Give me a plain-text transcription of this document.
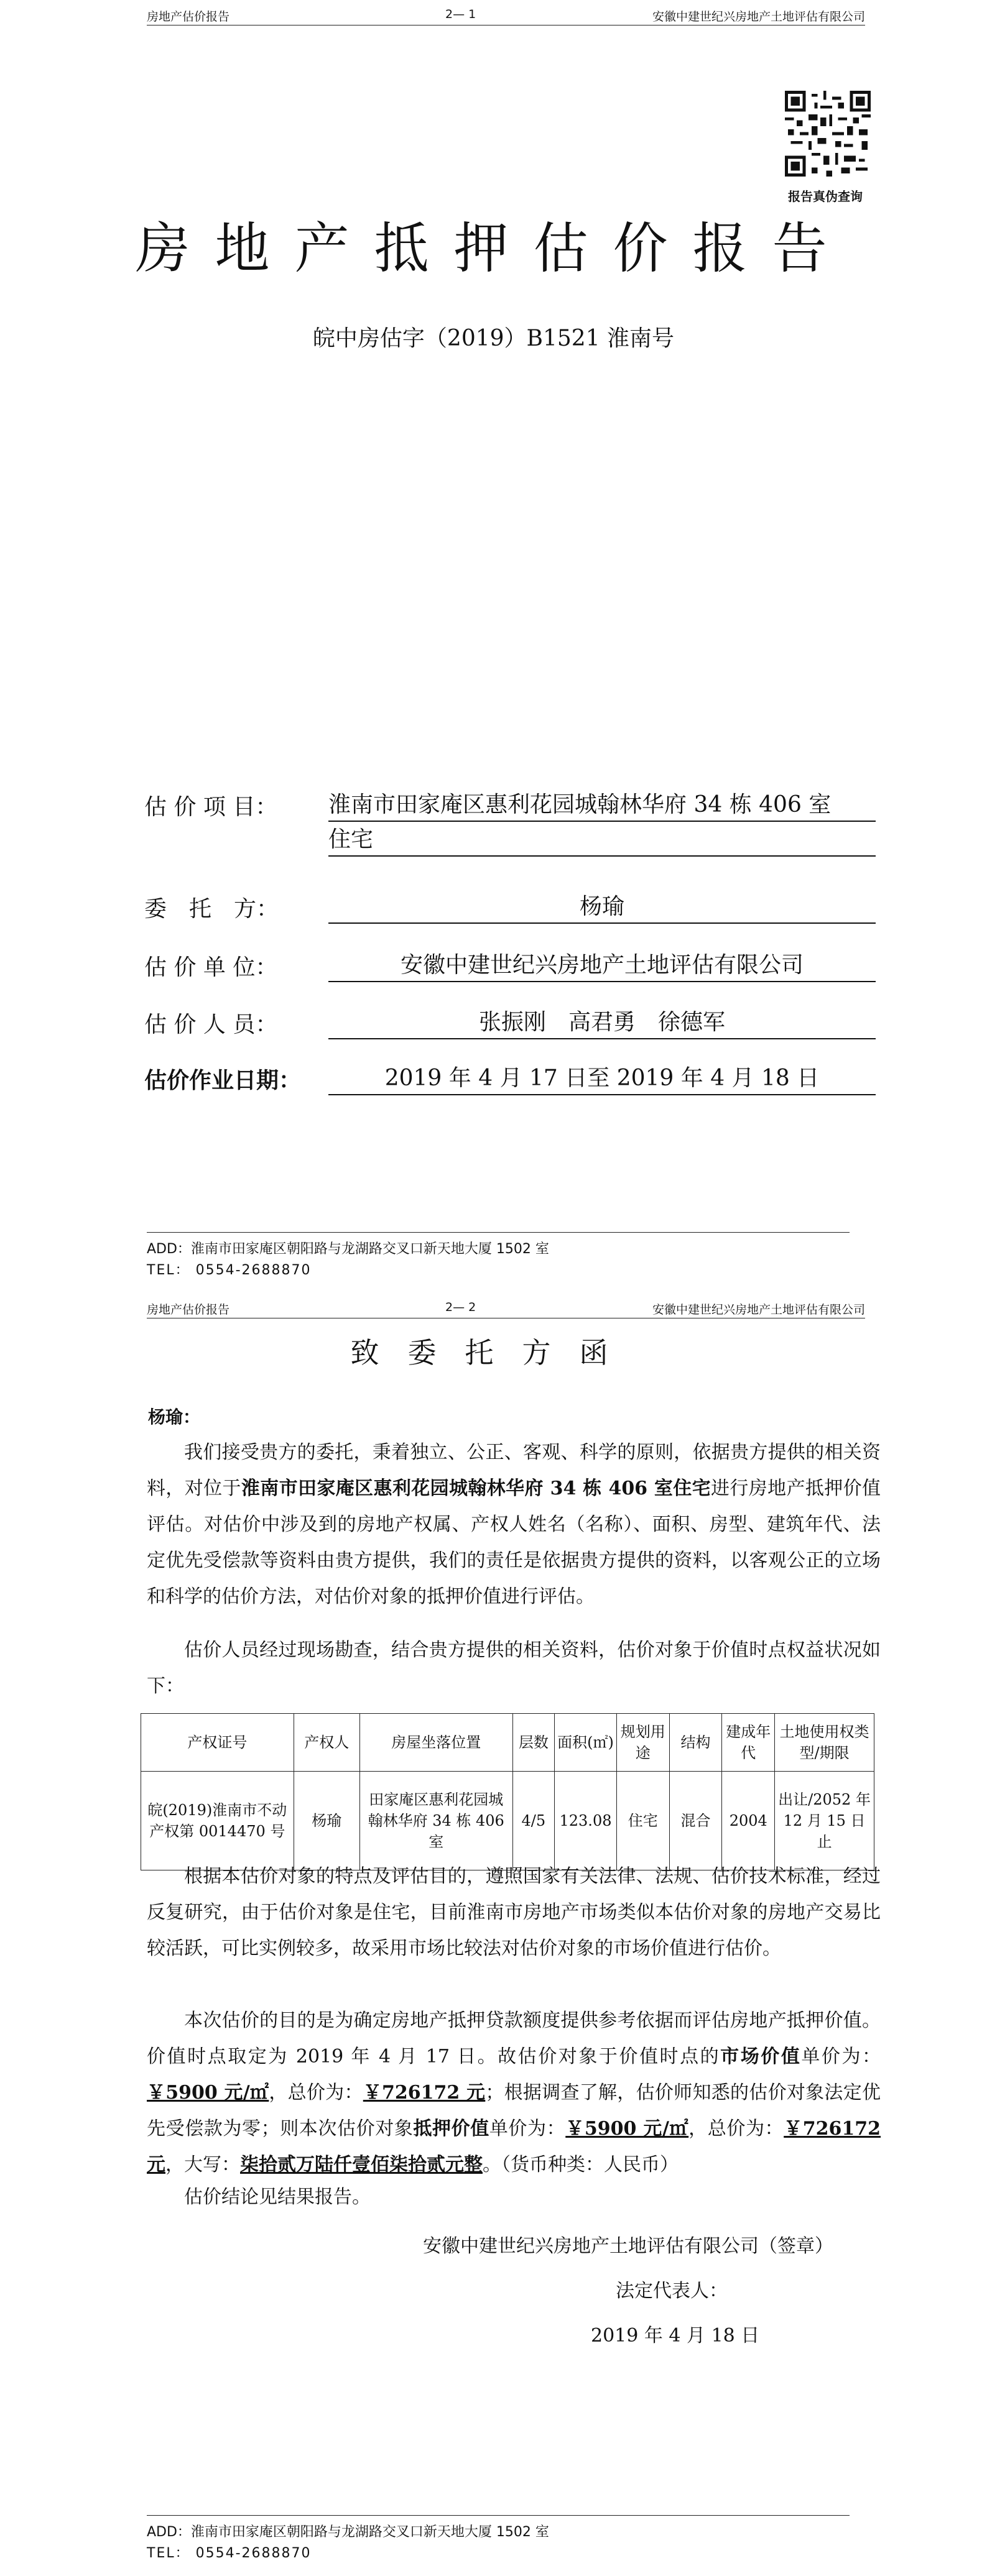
房地产估价报告	2— 1	安徽中建世纪兴房地产土地评估有限公司
报告真伪查询
房地产抵押估价报告
皖中房估字（2019）B1521 淮南号
估 价 项 目： 淮南市田家庵区惠利花园城翰林华府 34 栋 406 室
住宅
委　托　方：	杨瑜
估 价 单 位：	安徽中建世纪兴房地产土地评估有限公司
估 价 人 员：	张振刚　高君勇　徐德军
估价作业日期：	2019 年 4 月 17 日至 2019 年 4 月 18 日
ADD：淮南市田家庵区朝阳路与龙湖路交叉口新天地大厦 1502 室
TEL： 0554-2688870
房地产估价报告	2— 2	安徽中建世纪兴房地产土地评估有限公司
致委托方函
杨瑜：
我们接受贵方的委托，秉着独立、公正、客观、科学的原则，依据贵方提供的相关资料，对位于淮南市田家庵区惠利花园城翰林华府 34 栋 406 室住宅进行房地产抵押价值评估。对估价中涉及到的房地产权属、产权人姓名（名称）、面积、房型、建筑年代、法定优先受偿款等资料由贵方提供，我们的责任是依据贵方提供的资料，以客观公正的立场和科学的估价方法，对估价对象的抵押价值进行评估。
估价人员经过现场勘查，结合贵方提供的相关资料，估价对象于价值时点权益状况如下：
产权证号	产权人	房屋坐落位置	层数	面积(㎡)	规划用途	结构	建成年代	土地使用权类型/期限
皖(2019)淮南市不动产权第 0014470 号	杨瑜	田家庵区惠利花园城翰林华府 34 栋 406 室	4/5	123.08	住宅	混合	2004	出让/2052 年 12 月 15 日止
根据本估价对象的特点及评估目的，遵照国家有关法律、法规、估价技术标准，经过反复研究，由于估价对象是住宅，目前淮南市房地产市场类似本估价对象的房地产交易比较活跃，可比实例较多，故采用市场比较法对估价对象的市场价值进行估价。
本次估价的目的是为确定房地产抵押贷款额度提供参考依据而评估房地产抵押价值。价值时点取定为 2019 年 4 月 17 日。故估价对象于价值时点的市场价值单价为：￥5900 元/㎡，总价为：￥726172 元；根据调查了解，估价师知悉的估价对象法定优先受偿款为零；则本次估价对象抵押价值单价为：￥5900 元/㎡，总价为：￥726172 元，大写：柒拾贰万陆仟壹佰柒拾贰元整。（货币种类：人民币）
估价结论见结果报告。
安徽中建世纪兴房地产土地评估有限公司（签章）
法定代表人：
2019 年 4 月 18 日
ADD：淮南市田家庵区朝阳路与龙湖路交叉口新天地大厦 1502 室
TEL： 0554-2688870
